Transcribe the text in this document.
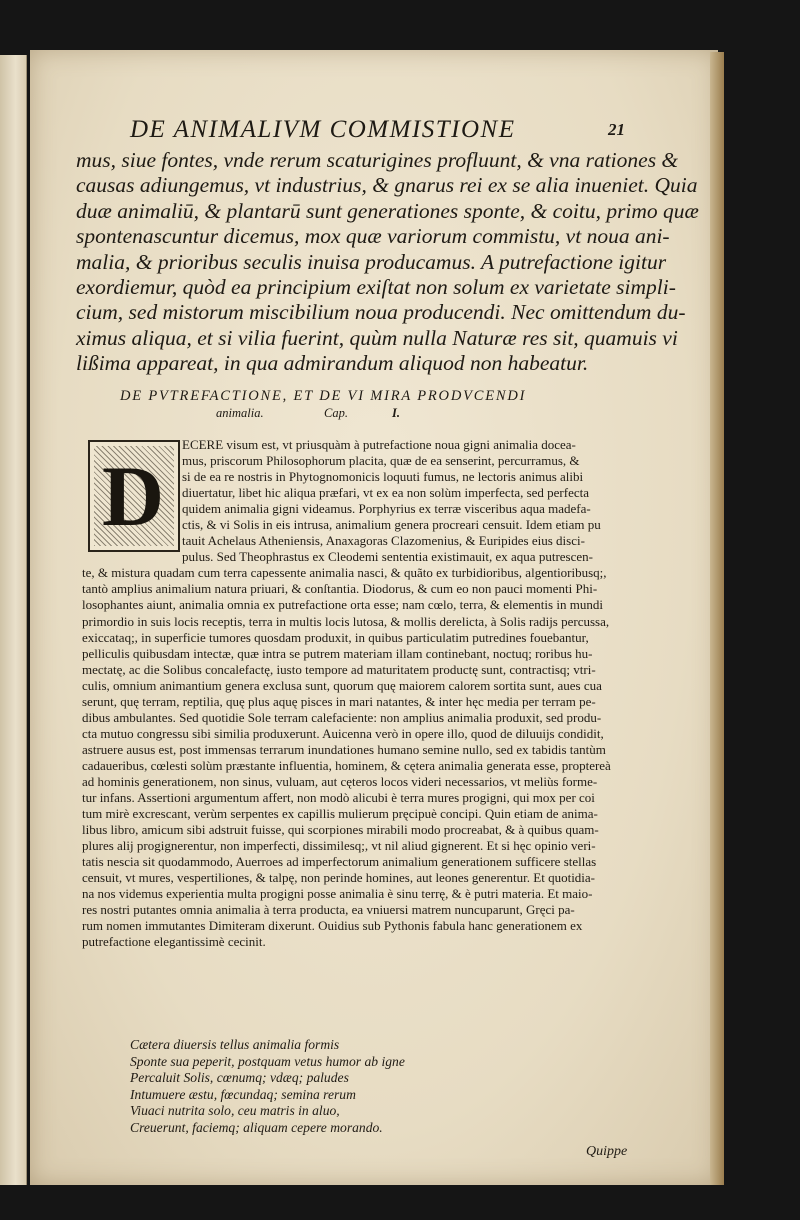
DE ANIMALIVM COMMISTIONE	21
mus, siue fontes, vnde rerum scaturigines profluunt, & vna rationes &
causas adiungemus, vt industrius, & gnarus rei ex se alia inueniet. Quia
duæ animaliū, & plantarū sunt generationes sponte, & coitu, primo quæ
spontenascuntur dicemus, mox quæ variorum commistu, vt noua ani-
malia, & prioribus seculis inuisa producamus. A putrefactione igitur
exordiemur, quòd ea principium exiſtat non solum ex varietate simpli-
cium, sed mistorum miscibilium noua producendi. Nec omittendum du-
ximus aliqua, et si vilia fuerint, quùm nulla Naturæ res sit, quamuis vi
lißima appareat, in qua admirandum aliquod non habeatur.
DE PVTREFACTIONE, ET DE VI MIRA PRODVCENDI
animalia.	Cap.	I.
D
ECERE visum est, vt priusquàm à putrefactione noua gigni animalia docea-
mus, priscorum Philosophorum placita, quæ de ea senserint, percurramus, &
si de ea re nostris in Phytognomonicis loquuti fumus, ne lectoris animus alibi
diuertatur, libet hic aliqua præfari, vt ex ea non solùm imperfecta, sed perfecta
quidem animalia gigni videamus. Porphyrius ex terræ visceribus aqua madefa-
ctis, & vi Solis in eis intrusa, animalium genera procreari censuit. Idem etiam pu
tauit Achelaus Atheniensis, Anaxagoras Clazomenius, & Euripides eius disci-
pulus. Sed Theophrastus ex Cleodemi sententia existimauit, ex aqua putrescen-
te, & mistura quadam cum terra capessente animalia nasci, & quãto ex turbidioribus, algentioribusq;,
tantò amplius animalium natura priuari, & conſtantia. Diodorus, & cum eo non pauci momenti Phi-
losophantes aiunt, animalia omnia ex putrefactione orta esse; nam cœlo, terra, & elementis in mundi
primordio in suis locis receptis, terra in multis locis lutosa, & mollis derelicta, à Solis radijs percussa,
exiccataq;, in superficie tumores quosdam produxit, in quibus particulatim putredines fouebantur,
pelliculis quibusdam intectæ, quæ intra se putrem materiam illam continebant, noctuq; roribus hu-
mectatę, ac die Solibus concalefactę, iusto tempore ad maturitatem productę sunt, contractisq; vtri-
culis, omnium animantium genera exclusa sunt, quorum quę maiorem calorem sortita sunt, aues cua
serunt, quę terram, reptilia, quę plus aquę pisces in mari natantes, & inter hęc media per terram pe-
dibus ambulantes. Sed quotidie Sole terram calefaciente: non amplius animalia produxit, sed produ-
cta mutuo congressu sibi similia produxerunt. Auicenna verò in opere illo, quod de diluuijs condidit,
astruere ausus est, post immensas terrarum inundationes humano semine nullo, sed ex tabidis tantùm
cadaueribus, cœlesti solùm præstante influentia, hominem, & cętera animalia generata esse, proptereà
ad hominis generationem, non sinus, vuluam, aut cęteros locos videri necessarios, vt meliùs forme-
tur infans. Assertioni argumentum affert, non modò alicubi è terra mures progigni, qui mox per coi
tum mirè excrescant, verùm serpentes ex capillis mulierum pręcipuè concipi. Quin etiam de anima-
libus libro, amicum sibi adstruit fuisse, qui scorpiones mirabili modo procreabat, & à quibus quam-
plures alij progignerentur, non imperfecti, dissimilesq;, vt nil aliud gignerent. Et si hęc opinio veri-
tatis nescia sit quodammodo, Auerroes ad imperfectorum animalium generationem sufficere stellas
censuit, vt mures, vespertiliones, & talpę, non perinde homines, aut leones generentur. Et quotidia-
na nos videmus experientia multa progigni posse animalia è sinu terrę, & è putri materia. Et maio-
res nostri putantes omnia animalia à terra producta, ea vniuersi matrem nuncuparunt, Gręci pa-
rum nomen immutantes Dimiteram dixerunt. Ouidius sub Pythonis fabula hanc generationem ex
putrefactione elegantissimè cecinit.
Cætera diuersis tellus animalia formis
Sponte sua peperit, postquam vetus humor ab igne
Percaluit Solis, cœnumq; vdæq; paludes
Intumuere æstu, fœcundaq; semina rerum
Viuaci nutrita solo, ceu matris in aluo,
Creuerunt, faciemq; aliquam cepere morando.
Quippe
